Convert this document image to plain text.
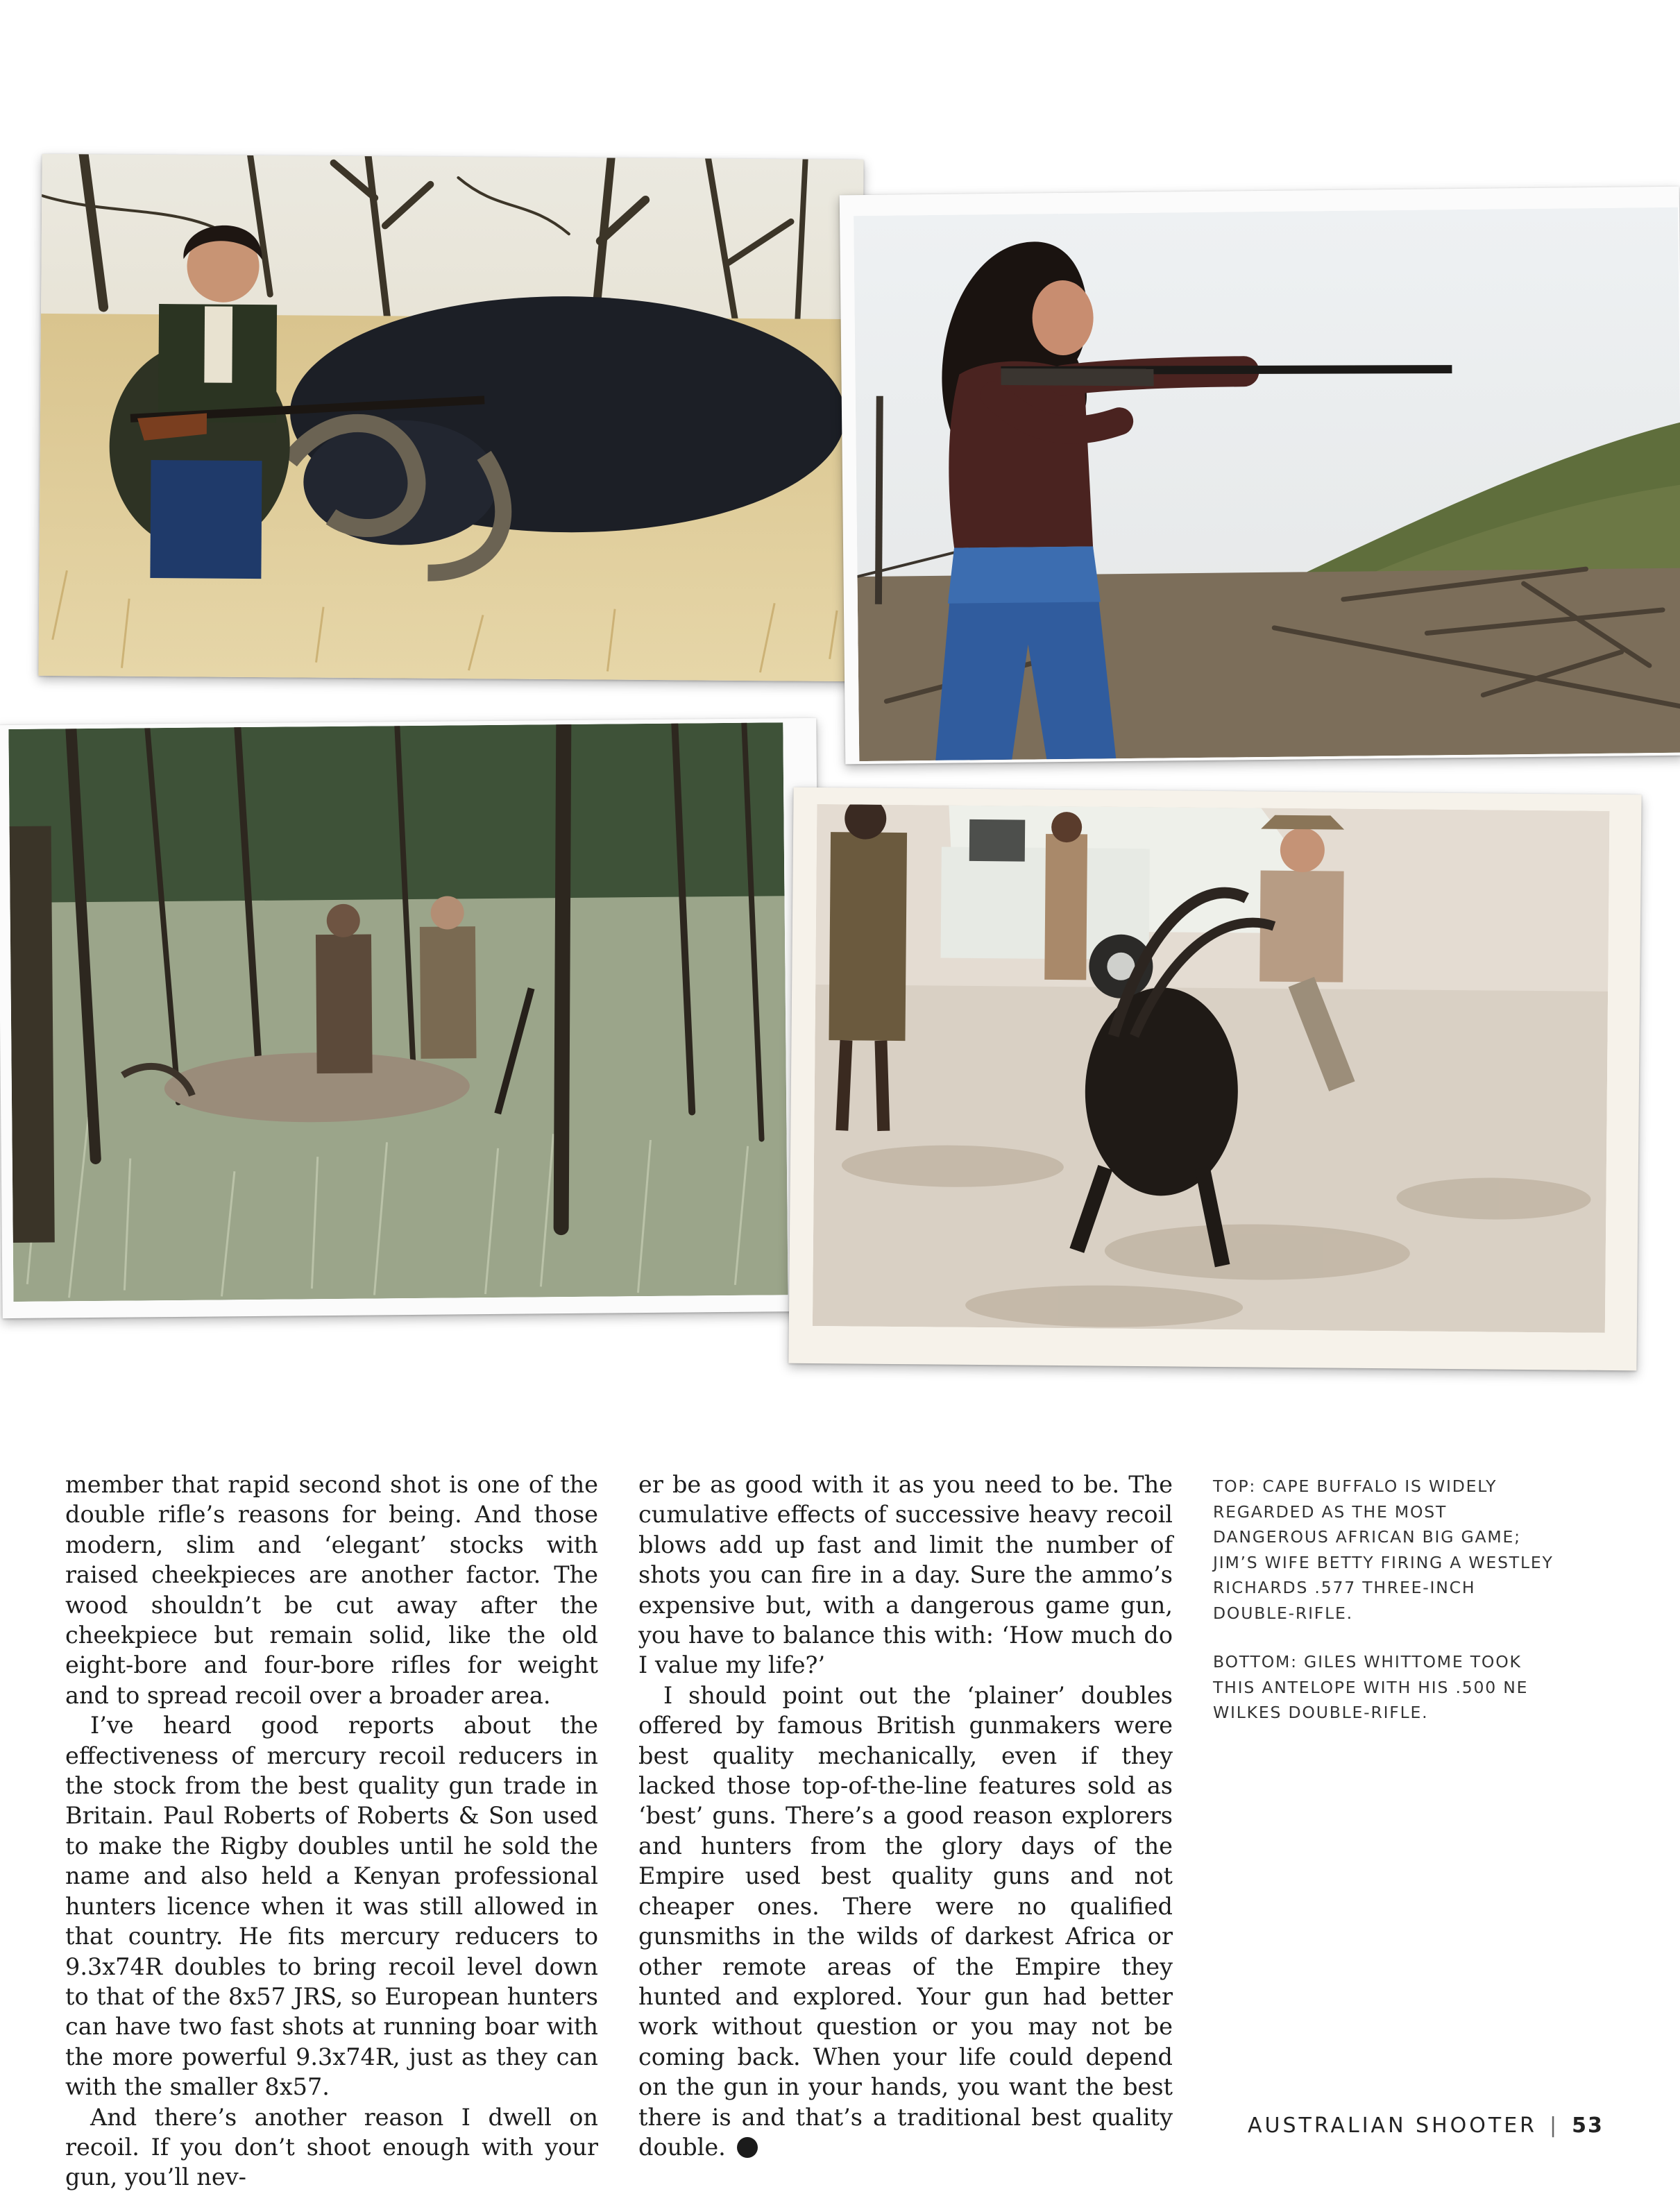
member that rapid second shot is one of the double rifle’s reasons for being. And those modern, slim and ‘elegant’ stocks with raised cheekpieces are another factor. The wood shouldn’t be cut away after the cheekpiece but remain solid, like the old eight-bore and four-bore rifles for weight and to spread recoil over a broader area.

I’ve heard good reports about the effectiveness of mercury recoil reducers in the stock from the best quality gun trade in Britain. Paul Roberts of Roberts & Son used to make the Rigby doubles until he sold the name and also held a Kenyan professional hunters licence when it was still allowed in that country. He fits mercury reducers to 9.3x74R doubles to bring recoil level down to that of the 8x57 JRS, so European hunters can have two fast shots at running boar with the more powerful 9.3x74R, just as they can with the smaller 8x57.

And there’s another reason I dwell on recoil. If you don’t shoot enough with your gun, you’ll nev-

er be as good with it as you need to be. The cumulative effects of successive heavy recoil blows add up fast and limit the number of shots you can fire in a day. Sure the ammo’s expensive but, with a dangerous game gun, you have to balance this with: ‘How much do I value my life?’

I should point out the ‘plainer’ doubles offered by famous British gunmakers were best quality mechanically, even if they lacked those top-of-the-line features sold as ‘best’ guns. There’s a good reason explorers and hunters from the glory days of the Empire used best quality guns and not cheaper ones. There were no qualified gunsmiths in the wilds of darkest Africa or other remote areas of the Empire they hunted and explored. Your gun had better work without question or you may not be coming back. When your life could depend on the gun in your hands, you want the best there is and that’s a traditional best quality double.

TOP: CAPE BUFFALO IS WIDELY REGARDED AS THE MOST DANGEROUS AFRICAN BIG GAME; JIM’S WIFE BETTY FIRING A WESTLEY RICHARDS .577 THREE-INCH DOUBLE-RIFLE.

BOTTOM: GILES WHITTOME TOOK THIS ANTELOPE WITH HIS .500 NE WILKES DOUBLE-RIFLE.

AUSTRALIAN SHOOTER | 53
